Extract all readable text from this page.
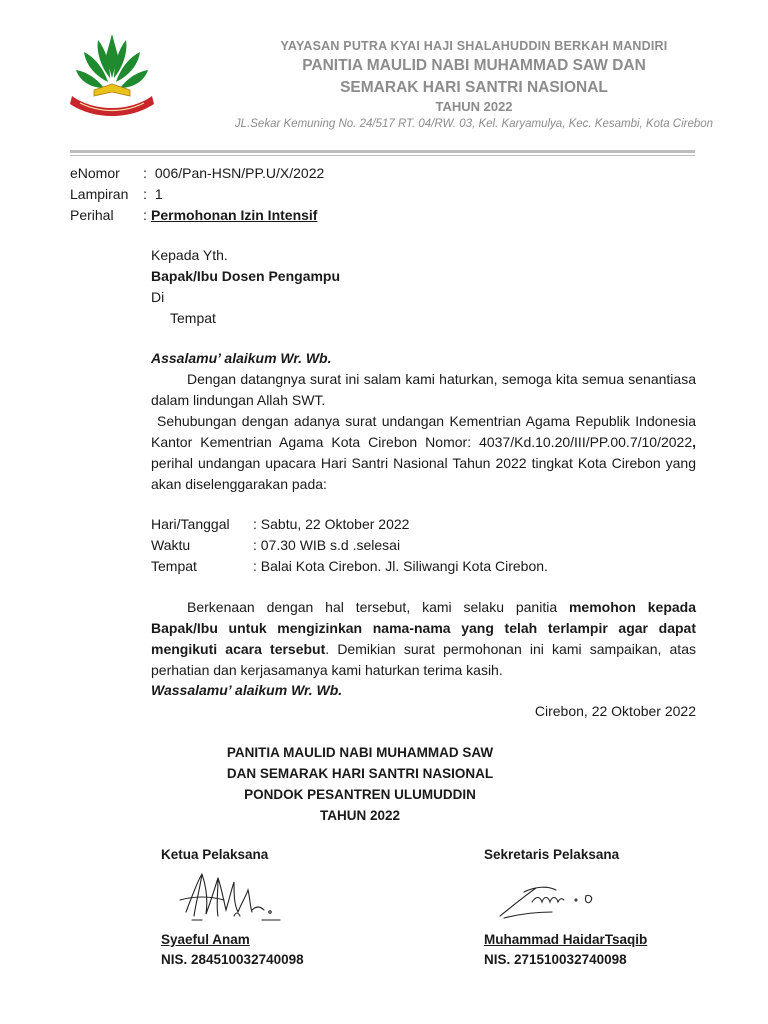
YAYASAN PUTRA KYAI HAJI SHALAHUDDIN BERKAH MANDIRI
PANITIA MAULID NABI MUHAMMAD SAW DAN
SEMARAK HARI SANTRI NASIONAL
TAHUN 2022
JL.Sekar Kemuning No. 24/517 RT. 04/RW. 03, Kel. Karyamulya, Kec. Kesambi, Kota Cirebon
eNomor : 006/Pan-HSN/PP.U/X/2022
Lampiran : 1
Perihal : Permohonan Izin Intensif
Kepada Yth.
Bapak/Ibu Dosen Pengampu
Di
Tempat
Assalamu’ alaikum Wr. Wb.
Dengan datangnya surat ini salam kami haturkan, semoga kita semua senantiasa dalam lindungan Allah SWT.
Sehubungan dengan adanya surat undangan Kementrian Agama Republik Indonesia Kantor Kementrian Agama Kota Cirebon Nomor: 4037/Kd.10.20/III/PP.00.7/10/2022, perihal undangan upacara Hari Santri Nasional Tahun 2022 tingkat Kota Cirebon yang akan diselenggarakan pada:
Hari/Tanggal : Sabtu, 22 Oktober 2022
Waktu	: 07.30 WIB s.d .selesai
Tempat	: Balai Kota Cirebon. Jl. Siliwangi Kota Cirebon.
Berkenaan dengan hal tersebut, kami selaku panitia memohon kepada Bapak/Ibu untuk mengizinkan nama-nama yang telah terlampir agar dapat mengikuti acara tersebut. Demikian surat permohonan ini kami sampaikan, atas perhatian dan kerjasamanya kami haturkan terima kasih.
Wassalamu’ alaikum Wr. Wb.
Cirebon, 22 Oktober 2022
PANITIA MAULID NABI MUHAMMAD SAW
DAN SEMARAK HARI SANTRI NASIONAL
PONDOK PESANTREN ULUMUDDIN
TAHUN 2022
Ketua Pelaksana
Syaeful Anam
NIS. 284510032740098
Sekretaris Pelaksana
Muhammad HaidarTsaqib
NIS. 271510032740098
